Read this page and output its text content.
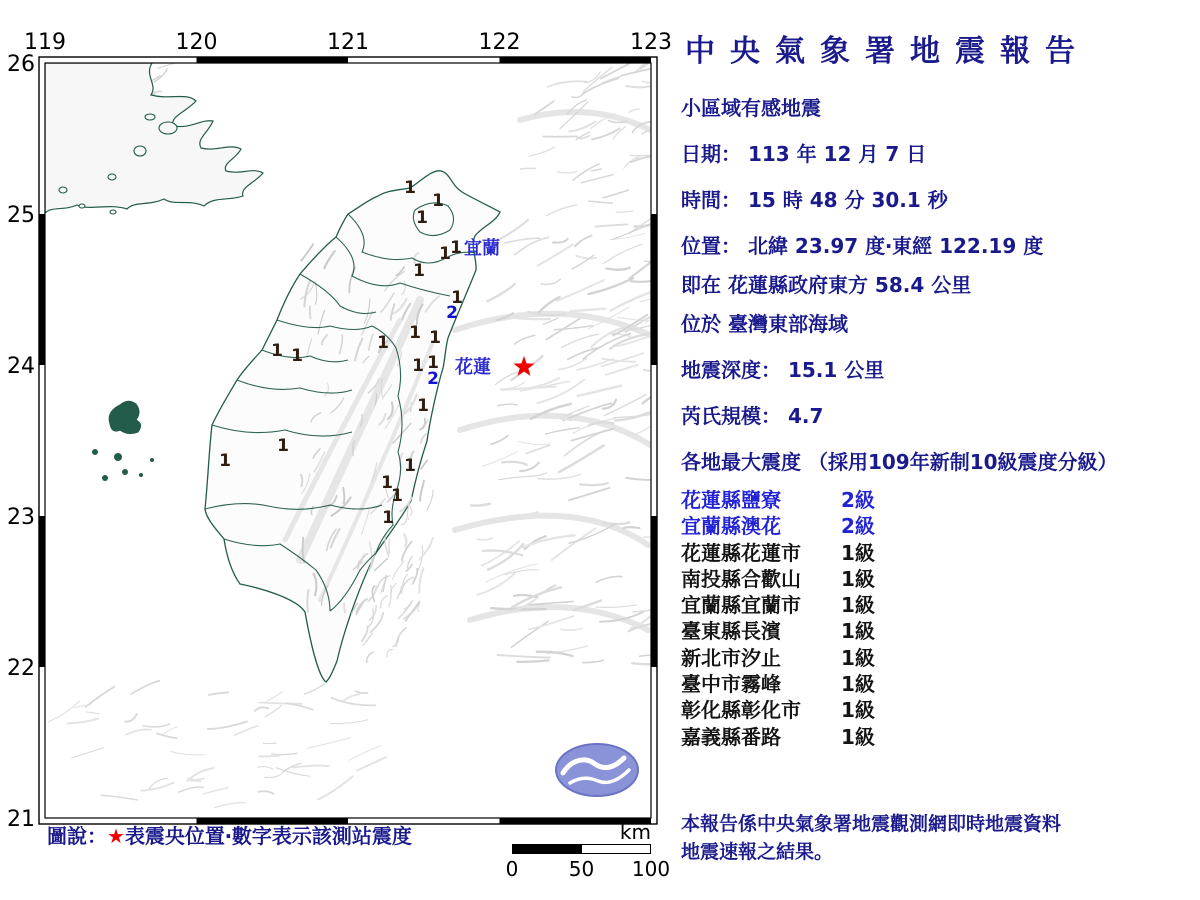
119	120	121	122	123
26
25
24
23
22
21
1
1
1
1
1
1
1
2
1 1
1
1 1	1 1
2
1
1
1	1
1
1
1
宜蘭
花蓮
圖說：★表震央位置‧數字表示該測站震度	km
0	50 100
中央氣象署地震報告
小區域有感地震
日期： 113 年 12 月 7 日
時間： 15 時 48 分 30.1 秒
位置： 北緯 23.97 度‧東經 122.19 度
即在 花蓮縣政府東方 58.4 公里
位於 臺灣東部海域
地震深度： 15.1 公里
芮氏規模： 4.7
各地最大震度 （採用109年新制10級震度分級）
花蓮縣鹽寮	2級
宜蘭縣澳花	2級
花蓮縣花蓮市	1級
南投縣合歡山	1級
宜蘭縣宜蘭市	1級
臺東縣長濱	1級
新北市汐止	1級
臺中市霧峰	1級
彰化縣彰化市	1級
嘉義縣番路	1級
本報告係中央氣象署地震觀測網即時地震資料
地震速報之結果。
